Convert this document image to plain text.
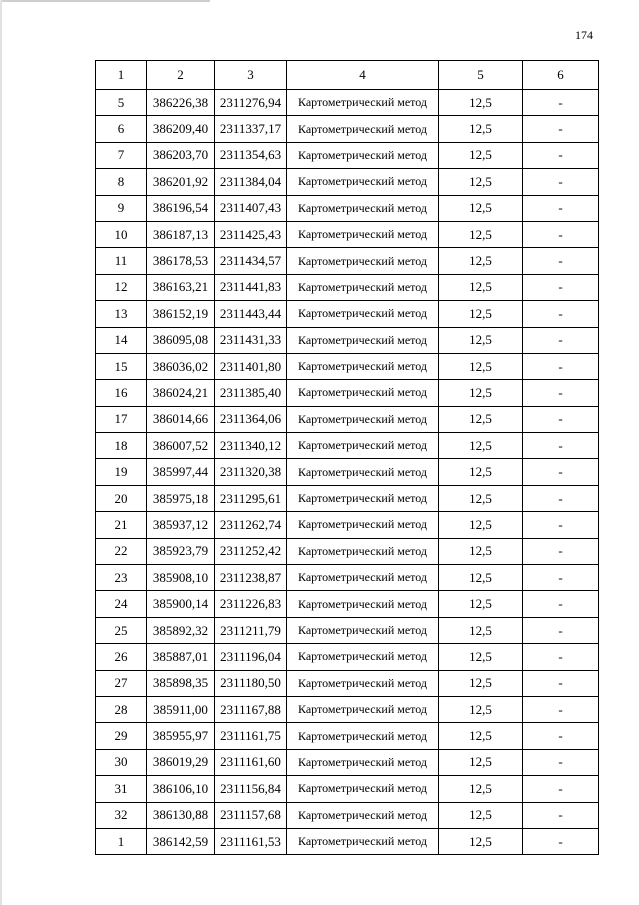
174
1	2	3	4	5	6
5	386226,38	2311276,94	Картометрический метод	12,5	-
6	386209,40	2311337,17	Картометрический метод	12,5	-
7	386203,70	2311354,63	Картометрический метод	12,5	-
8	386201,92	2311384,04	Картометрический метод	12,5	-
9	386196,54	2311407,43	Картометрический метод	12,5	-
10	386187,13	2311425,43	Картометрический метод	12,5	-
11	386178,53	2311434,57	Картометрический метод	12,5	-
12	386163,21	2311441,83	Картометрический метод	12,5	-
13	386152,19	2311443,44	Картометрический метод	12,5	-
14	386095,08	2311431,33	Картометрический метод	12,5	-
15	386036,02	2311401,80	Картометрический метод	12,5	-
16	386024,21	2311385,40	Картометрический метод	12,5	-
17	386014,66	2311364,06	Картометрический метод	12,5	-
18	386007,52	2311340,12	Картометрический метод	12,5	-
19	385997,44	2311320,38	Картометрический метод	12,5	-
20	385975,18	2311295,61	Картометрический метод	12,5	-
21	385937,12	2311262,74	Картометрический метод	12,5	-
22	385923,79	2311252,42	Картометрический метод	12,5	-
23	385908,10	2311238,87	Картометрический метод	12,5	-
24	385900,14	2311226,83	Картометрический метод	12,5	-
25	385892,32	2311211,79	Картометрический метод	12,5	-
26	385887,01	2311196,04	Картометрический метод	12,5	-
27	385898,35	2311180,50	Картометрический метод	12,5	-
28	385911,00	2311167,88	Картометрический метод	12,5	-
29	385955,97	2311161,75	Картометрический метод	12,5	-
30	386019,29	2311161,60	Картометрический метод	12,5	-
31	386106,10	2311156,84	Картометрический метод	12,5	-
32	386130,88	2311157,68	Картометрический метод	12,5	-
1	386142,59	2311161,53	Картометрический метод	12,5	-
